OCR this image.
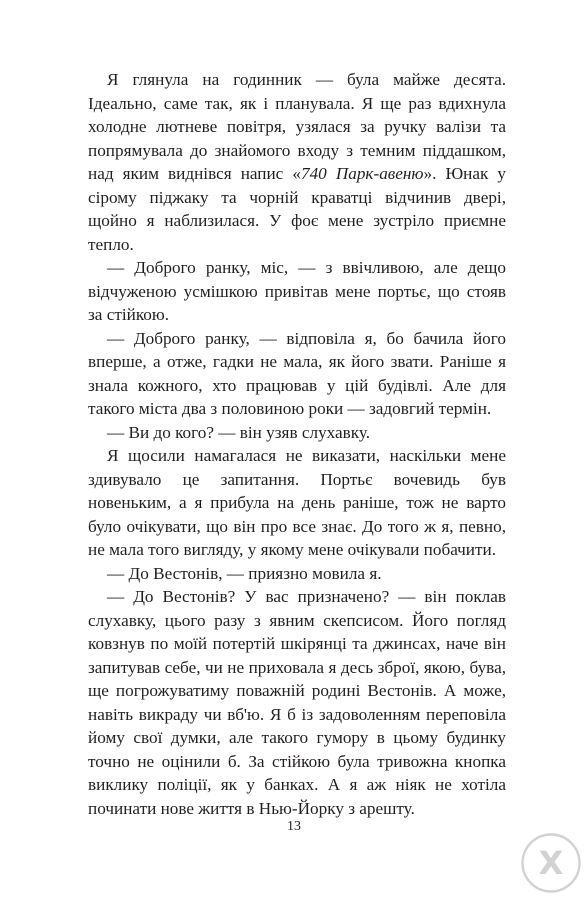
Я глянула на годинник — була майже десята. Ідеально, саме так, як і планувала. Я ще раз вдихнула холодне лютневе повітря, узялася за ручку валізи та попрямувала до знайомого входу з темним піддашком, над яким виднівся напис «740 Парк-авеню». Юнак у сірому піджаку та чорній краватці відчинив двері, щойно я наблизилася. У фоє мене зустріло приємне тепло.

— Доброго ранку, міс, — з ввічливою, але дещо відчуженою усмішкою привітав мене портьє, що стояв за стійкою.

— Доброго ранку, — відповіла я, бо бачила його вперше, а отже, гадки не мала, як його звати. Раніше я знала кожного, хто працював у цій будівлі. Але для такого міста два з половиною роки — задовгий термін.

— Ви до кого? — він узяв слухавку.

Я щосили намагалася не виказати, наскільки мене здивувало це запитання. Портьє вочевидь був новеньким, а я прибула на день раніше, тож не варто було очікувати, що він про все знає. До того ж я, певно, не мала того вигляду, у якому мене очікували побачити.

— До Вестонів, — приязно мовила я.

— До Вестонів? У вас призначено? — він поклав слухавку, цього разу з явним скепсисом. Його погляд ковзнув по моїй потертій шкірянці та джинсах, наче він запитував себе, чи не приховала я десь зброї, якою, бува, ще погрожуватиму поважній родині Вестонів. А може, навіть викраду чи вб'ю. Я б із задоволенням переповіла йому свої думки, але такого гумору в цьому будинку точно не оцінили б. За стійкою була тривожна кнопка виклику поліції, як у банках. А я аж ніяк не хотіла починати нове життя в Нью-Йорку з арешту.

13
Х
